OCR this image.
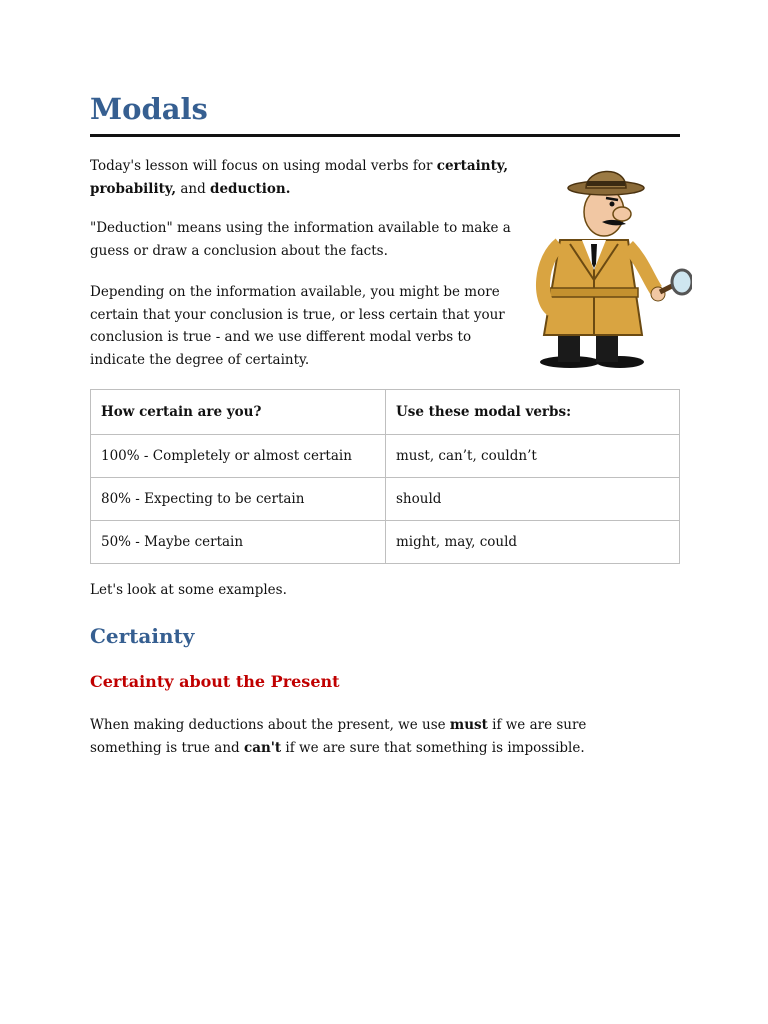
Modals

Today's lesson will focus on using modal verbs for certainty,
probability, and deduction.

"Deduction" means using the information available to make a guess or draw a conclusion about the facts.

Depending on the information available, you might be more certain that your conclusion is true, or less certain that your conclusion is true - and we use different modal verbs to indicate the degree of certainty.

How certain are you?	Use these modal verbs:
100% - Completely or almost certain	must, can’t, couldn’t
80% - Expecting to be certain	should
50% - Maybe certain	might, may, could

Let's look at some examples.

Certainty
Certainty about the Present

When making deductions about the present, we use must if we are sure something is true and can't if we are sure that something is impossible.
